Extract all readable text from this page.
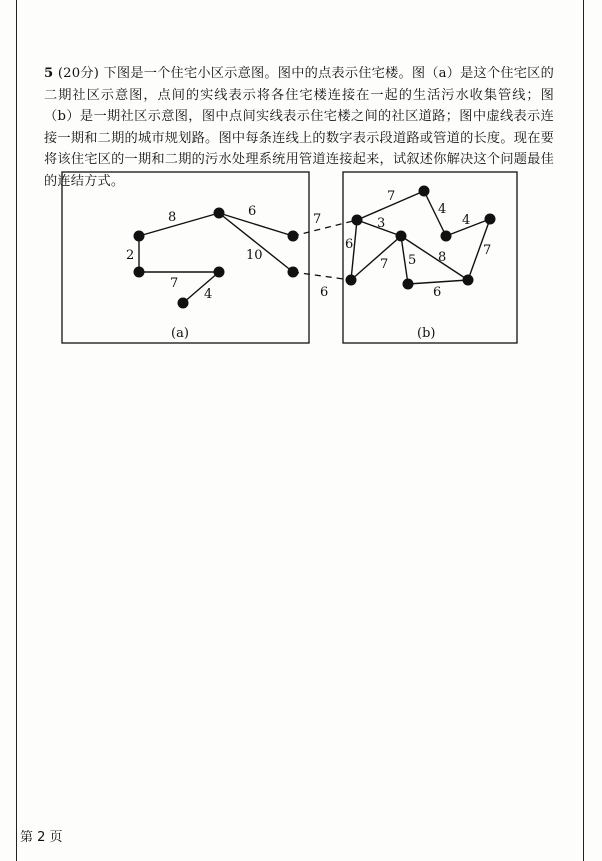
5 (20分) 下图是一个住宅小区示意图。图中的点表示住宅楼。图（a）是这个住宅区的二期社区示意图，点间的实线表示将各住宅楼连接在一起的生活污水收集管线；图（b）是一期社区示意图，图中点间实线表示住宅楼之间的社区道路；图中虚线表示连接一期和二期的城市规划路。图中每条连线上的数字表示段道路或管道的长度。现在要将该住宅区的一期和二期的污水处理系统用管道连接起来，试叙述你解决这个问题最佳的连结方式。
8	6
2	10
7
4
7
6
7
4
4
3
6
7 5 8	7
6
(a)	(b)
第 2 页
